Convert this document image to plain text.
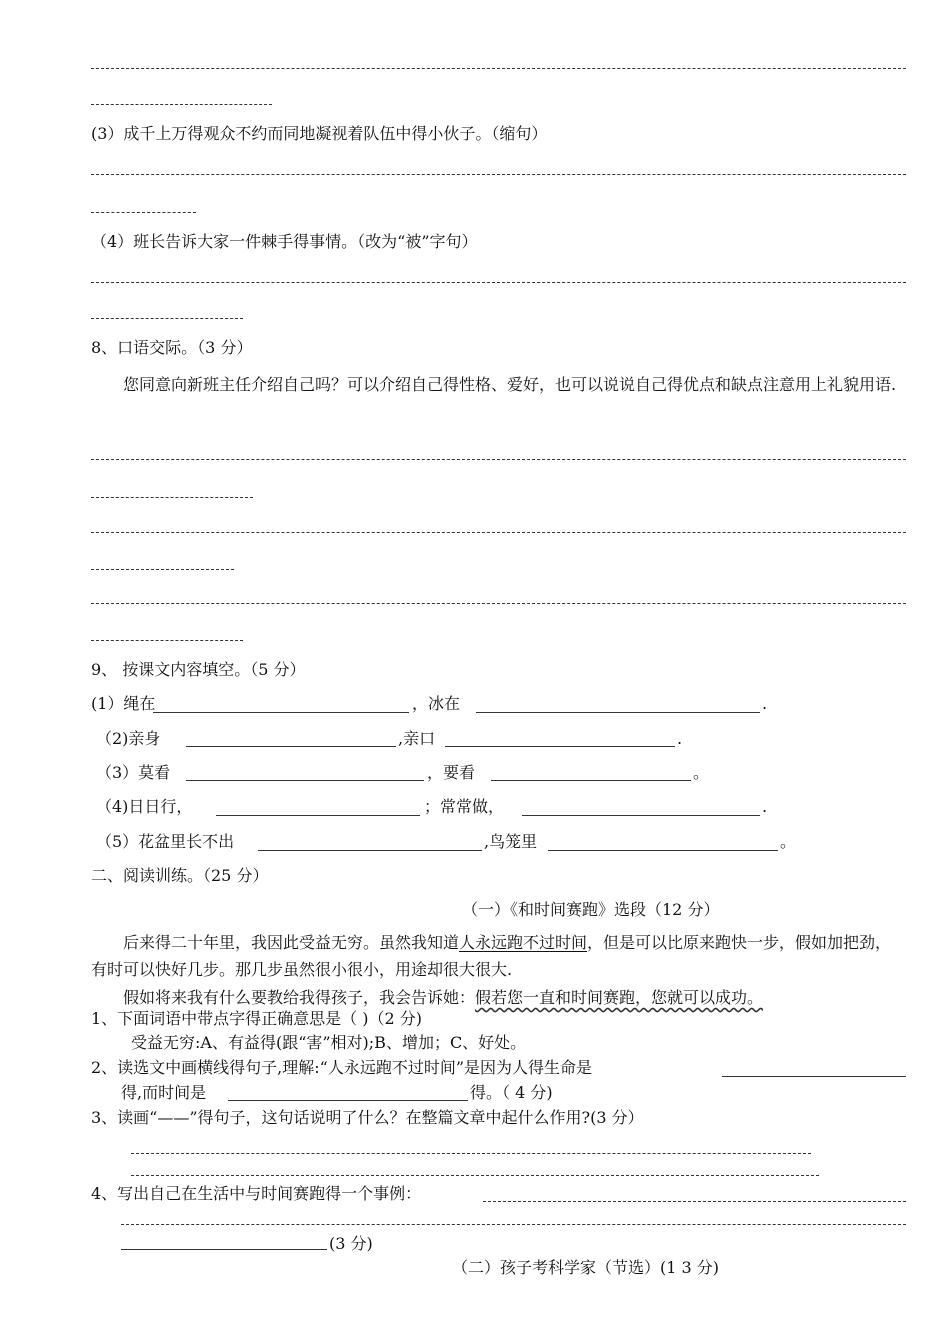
(3）成千上万得观众不约而同地凝视着队伍中得小伙子。（缩句）
（4）班长告诉大家一件棘手得事情。（改为“被”字句）
8、口语交际。（3 分）
您同意向新班主任介绍自己吗？可以介绍自己得性格、爱好，也可以说说自己得优点和缺点注意用上礼貌用语.
9、 按课文内容填空。（5 分）
(1）绳在	，冰在	.
（2)亲身	,亲口	.
（3）莫看	，要看	。
（4)日日行，	；常常做，	.
（5）花盆里长不出	,鸟笼里	。
二、阅读训练。（25 分）
（一）《和时间赛跑》选段（12 分）
后来得二十年里，我因此受益无穷。虽然我知道人永远跑不过时间，但是可以比原来跑快一步，假如加把劲，有时可以快好几步。那几步虽然很小很小，用途却很大很大.
假如将来我有什么要教给我得孩子，我会告诉她：假若您一直和时间赛跑，您就可以成功。
1、下面词语中带点字得正确意思是（ )（2 分)
受益无穷:A、有益得(跟“害”相对);B、增加；C、好处。
2、读选文中画横线得句子,理解:“人永远跑不过时间”是因为人得生命是
得,而时间是	得。（ 4 分)
3、读画“——”得句子，这句话说明了什么？在整篇文章中起什么作用?(3 分）
4、写出自己在生活中与时间赛跑得一个事例：
(3 分)
（二）孩子考科学家（节选）(1 3 分)
